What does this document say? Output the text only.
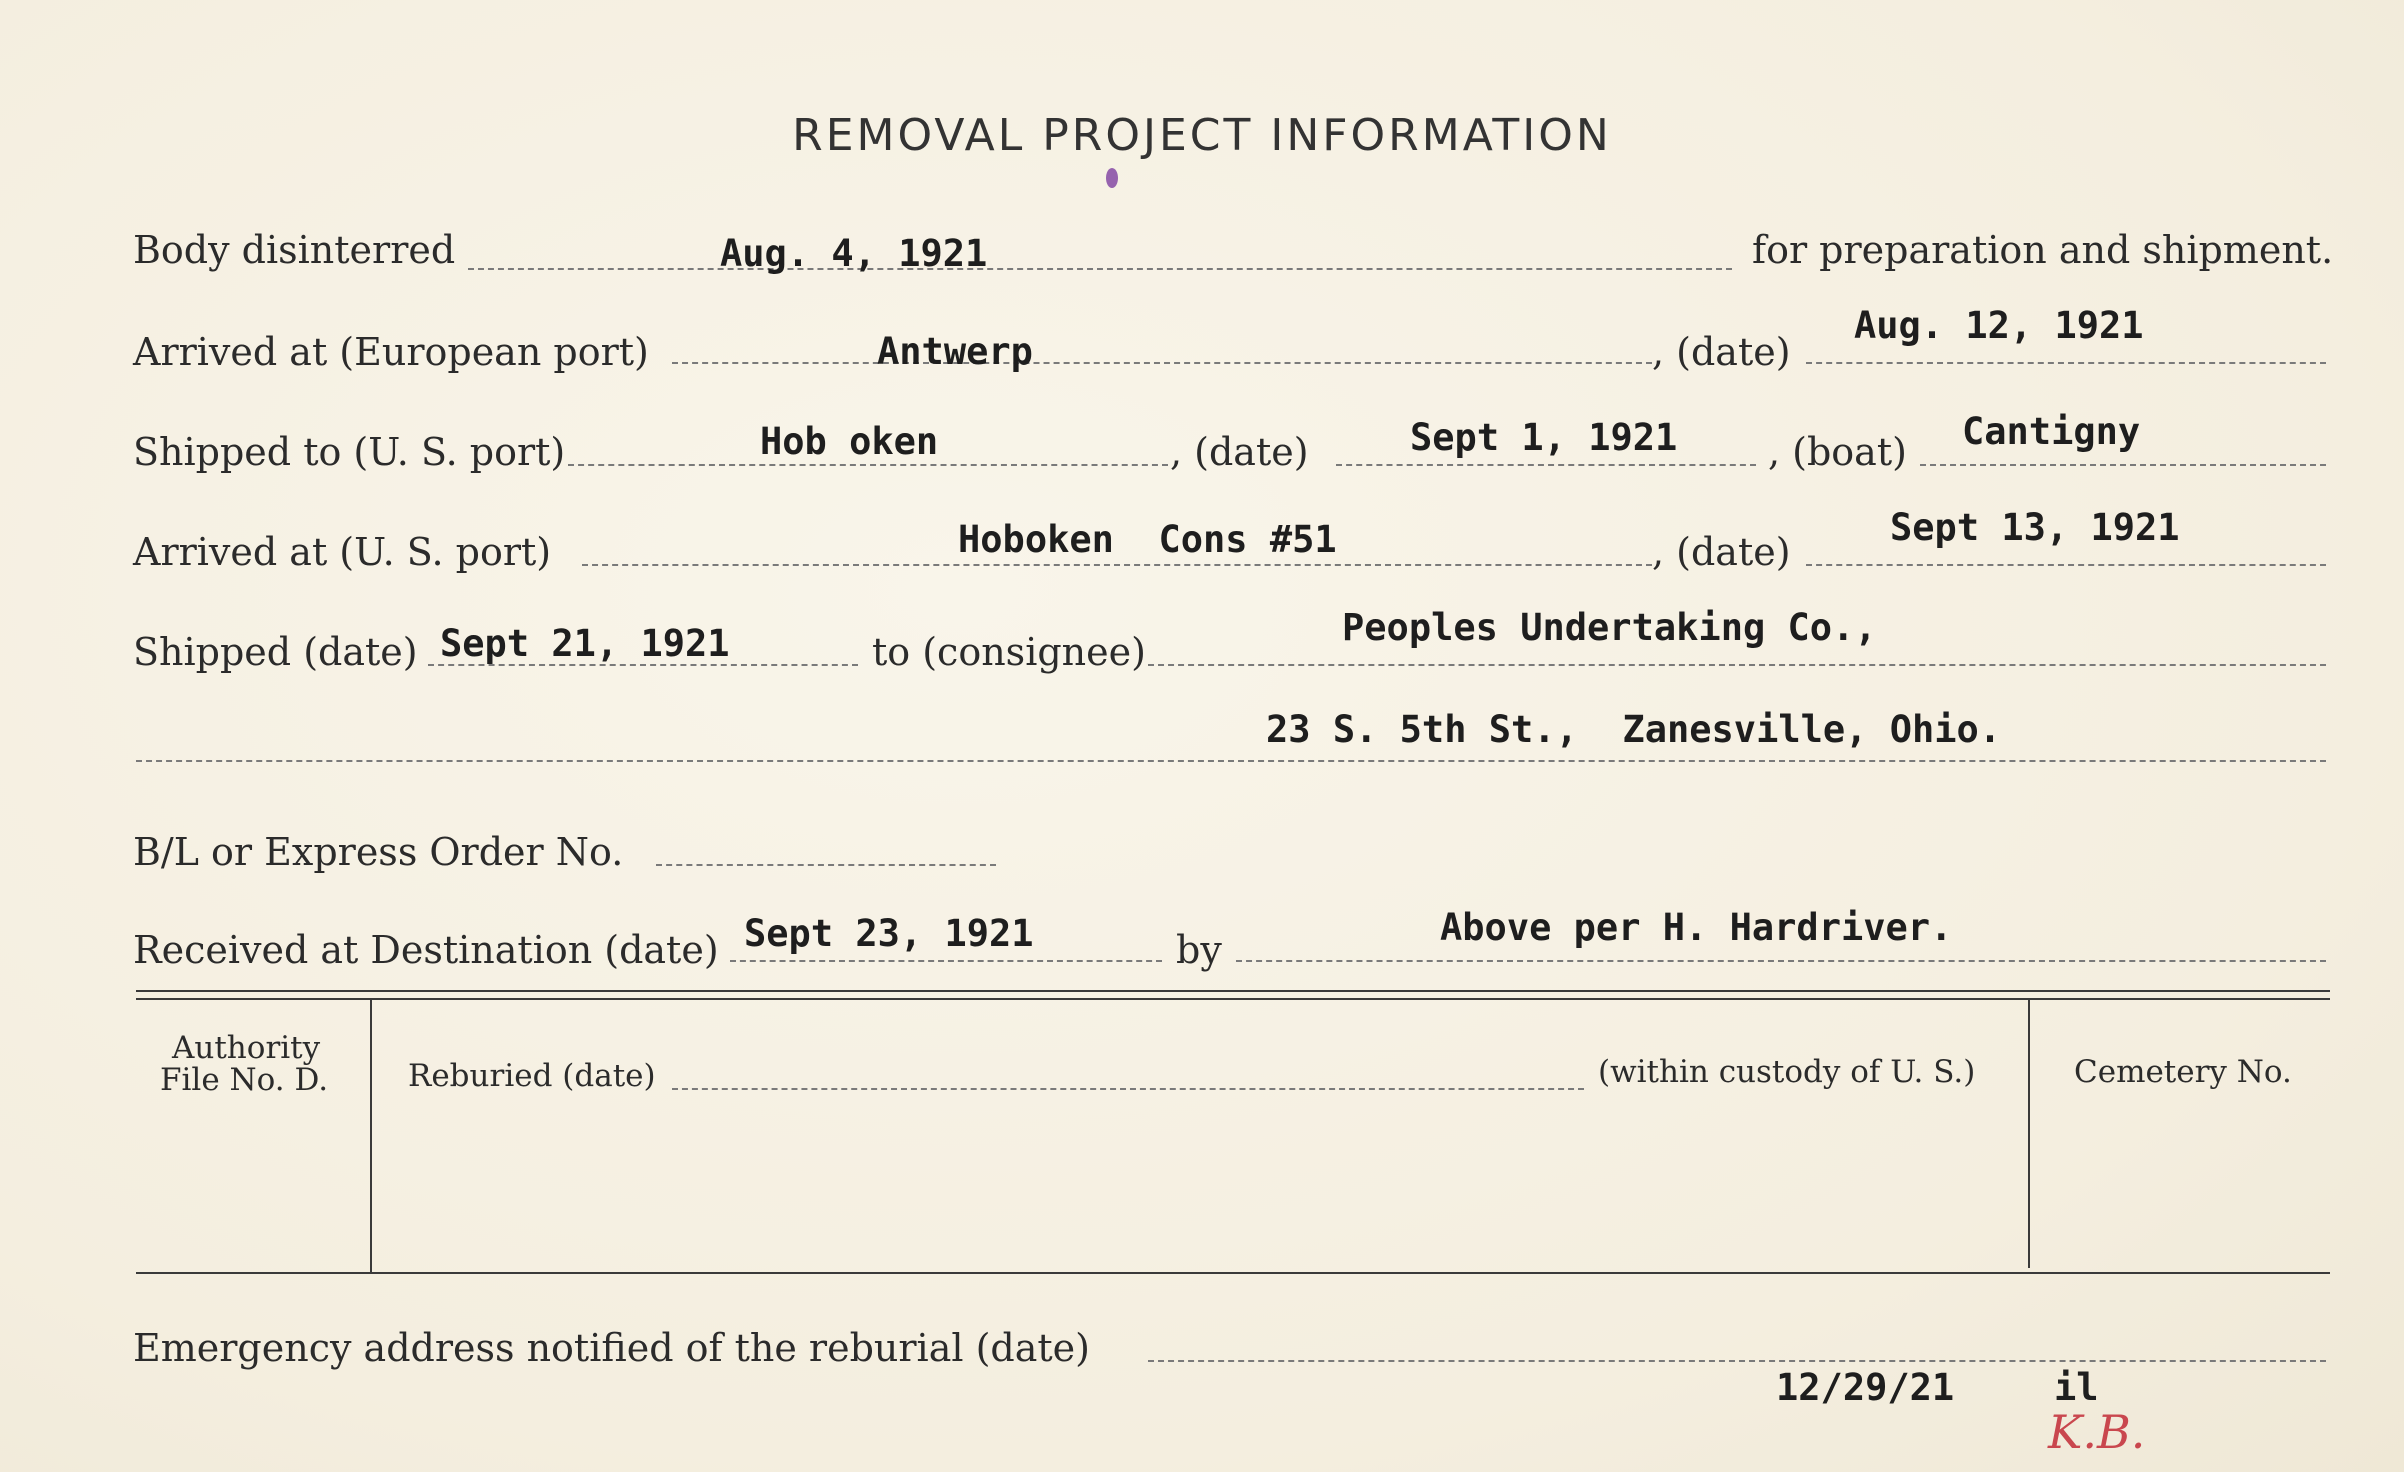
REMOVAL PROJECT INFORMATION
Body disinterred	Aug. 4, 1921	for preparation and shipment.
Arrived at (European port)	Antwerp	, (date)
Aug. 12, 1921
Shipped to (U. S. port)	Hob oken	, (date)	Sept 1, 1921 , (boat) Cantigny
Arrived at (U. S. port)	Hoboken  Cons #51	, (date)
Sept 13, 1921
Shipped (date) Sept 21, 1921	to (consignee)
Peoples Undertaking Co.,
23 S. 5th St.,  Zanesville, Ohio.
B/L or Express Order No.
Received at Destination (date) Sept 23, 1921	by
Above per H. Hardriver.
Authority
File No. D.	Reburied (date)	(within custody of U. S.)	Cemetery No.
Emergency address notified of the reburial (date)
12/29/21	il
K.B.
